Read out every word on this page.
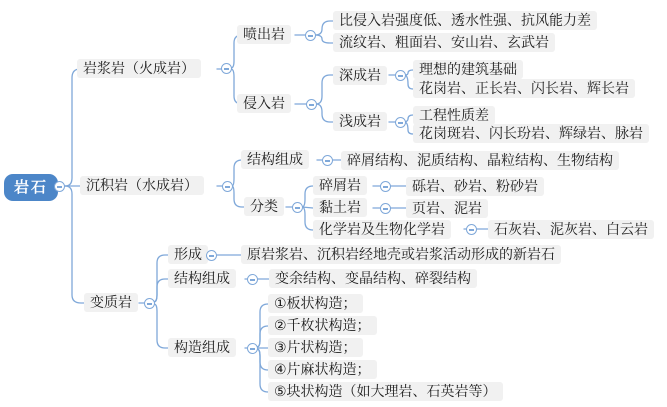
岩石
岩浆岩（火成岩）
沉积岩（水成岩）
变质岩
喷出岩
比侵入岩强度低、透水性强、抗风能力差
流纹岩、粗面岩、安山岩、玄武岩
侵入岩
深成岩	理想的建筑基础
花岗岩、正长岩、闪长岩、辉长岩
浅成岩	工程性质差
花岗斑岩、闪长玢岩、辉绿岩、脉岩
结构组成	碎屑结构、泥质结构、晶粒结构、生物结构
分类
碎屑岩	砾岩、砂岩、粉砂岩
黏土岩	页岩、泥岩
化学岩及生物化学岩	石灰岩、泥灰岩、白云岩
形成	原岩浆岩、沉积岩经地壳或岩浆活动形成的新岩石
结构组成	变余结构、变晶结构、碎裂结构
构造组成
①板状构造；
②千枚状构造；
③片状构造；
④片麻状构造；
⑤块状构造（如大理岩、石英岩等）
